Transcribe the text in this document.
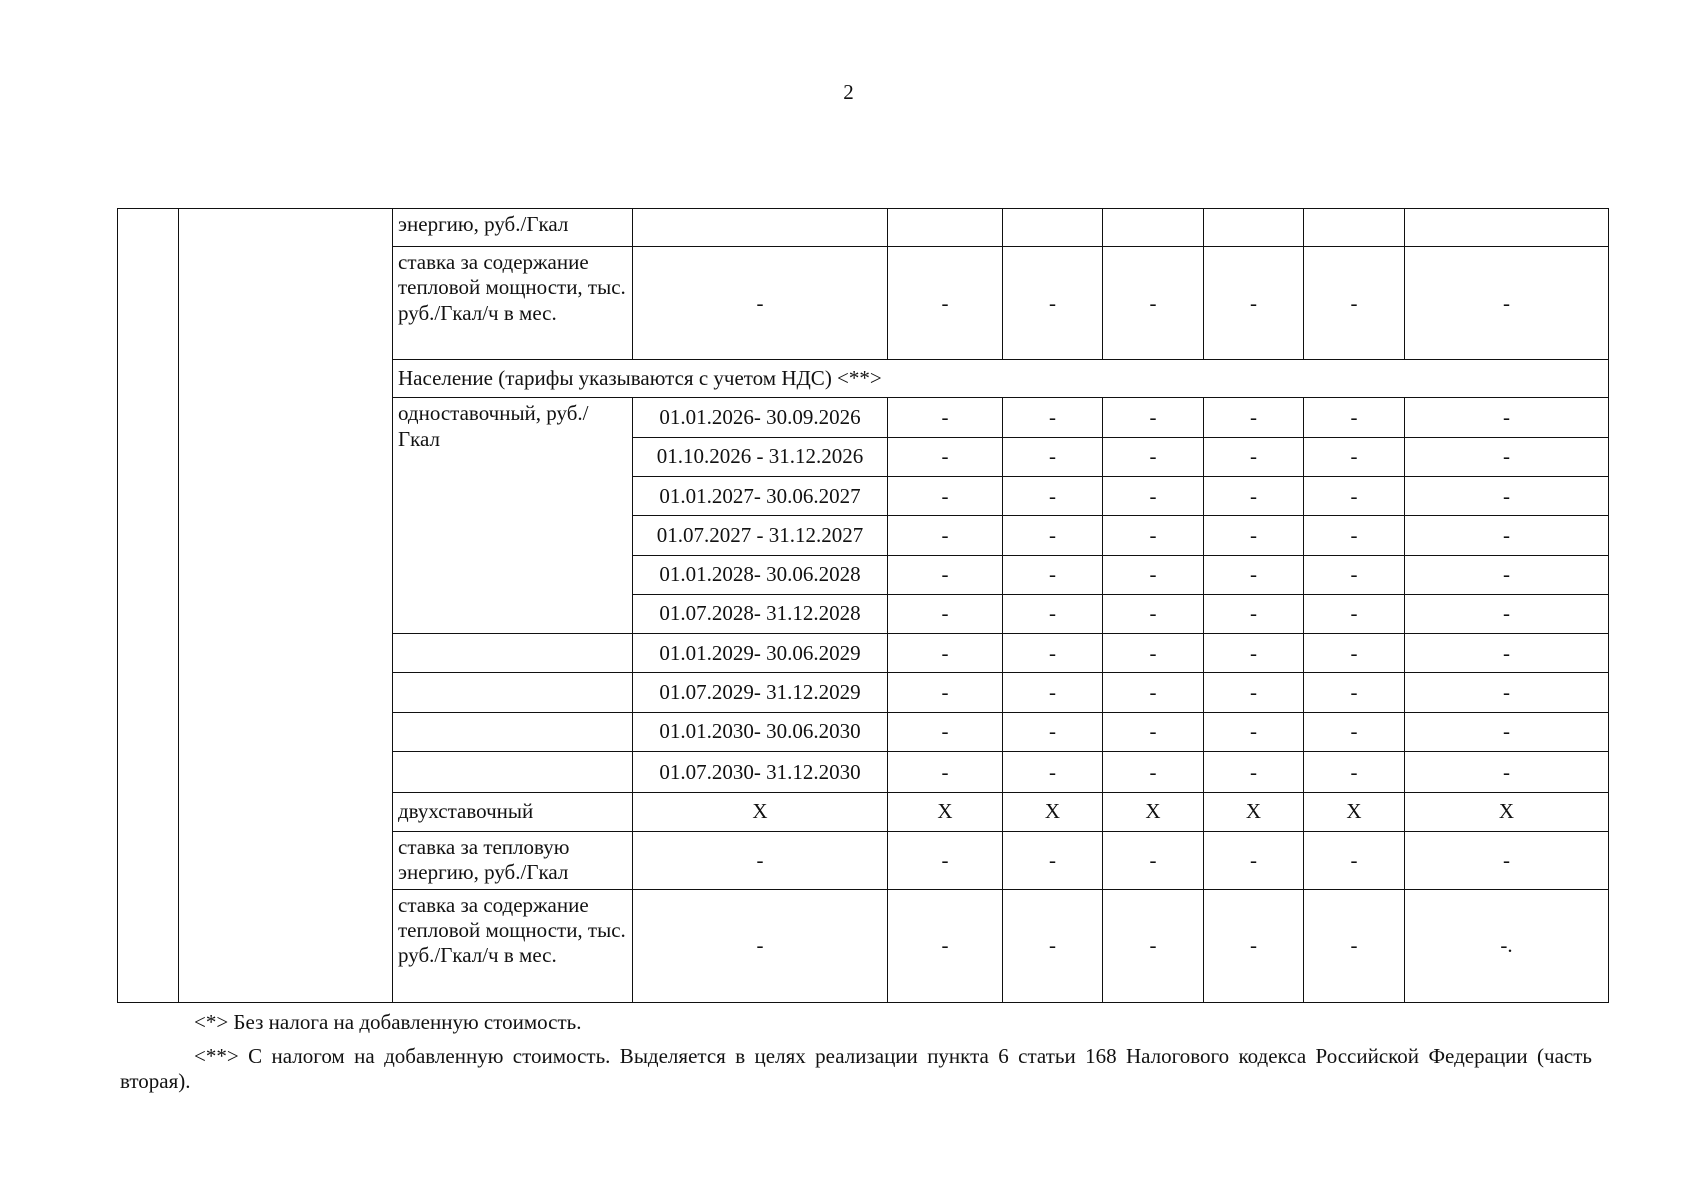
2
		энергию, руб./Гкал							
		ставка за содержание тепловой мощности, тыс. руб./Гкал/ч в мес.	-	-	-	-	-	-	-
		Население (тарифы указываются с учетом НДС) <**>							
		одноставочный, руб./Гкал	01.01.2026- 30.09.2026	-	-	-	-	-	-
			01.10.2026 - 31.12.2026	-	-	-	-	-	-
			01.01.2027- 30.06.2027	-	-	-	-	-	-
			01.07.2027 - 31.12.2027	-	-	-	-	-	-
			01.01.2028- 30.06.2028	-	-	-	-	-	-
			01.07.2028- 31.12.2028	-	-	-	-	-	-
			01.01.2029- 30.06.2029	-	-	-	-	-	-
			01.07.2029- 31.12.2029	-	-	-	-	-	-
			01.01.2030- 30.06.2030	-	-	-	-	-	-
			01.07.2030- 31.12.2030	-	-	-	-	-	-
		двухставочный	X	X	X	X	X	X	X
		ставка за тепловую энергию, руб./Гкал	-	-	-	-	-	-	-
		ставка за содержание тепловой мощности, тыс. руб./Гкал/ч в мес.	-	-	-	-	-	-	-.

<*> Без налога на добавленную стоимость.

<**> С налогом на добавленную стоимость. Выделяется в целях реализации пункта 6 статьи 168 Налогового кодекса Российской Федерации (часть вторая).
